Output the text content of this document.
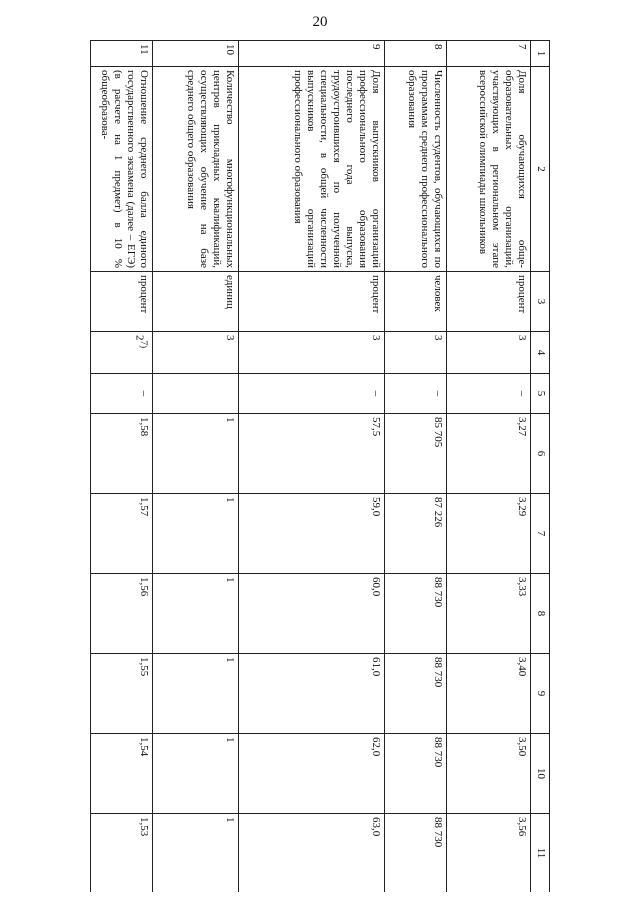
20
1	2	3	4	5	6	7	8	9	10	11
7	Доля обучающихся обще-образовательных организаций, участвующих в региональном этапе всероссийской олимпиады школьников	процент	3	–	3,27	3,29	3,33	3,40	3,50	3,56
8	Численность студентов, обучающихся по программам среднего профессионального образования	человек	3	–	85 705	87 226	88 730	88 730	88 730	88 730
9	Доля выпускников организаций профессионального образования последнего года выпуска, трудоустроившихся по полученной специальности, в общей численности выпускников организаций профессионального образования	процент	3	–	57,5	59,0	60,0	61,0	62,0	63,0
10	Количество многофункциональных центров прикладных квалификаций, осуществляющих обучение на базе среднего общего образования	единиц	3		1	1	1	1	1	1
11	Отношение среднего балла единого государственного экзамена (далее – ЕГЭ) (в расчете на 1 предмет) в 10 % общеобразова-	процент	2$^{7)}$	–	1,58	1,57	1,56	1,55	1,54	1,53
